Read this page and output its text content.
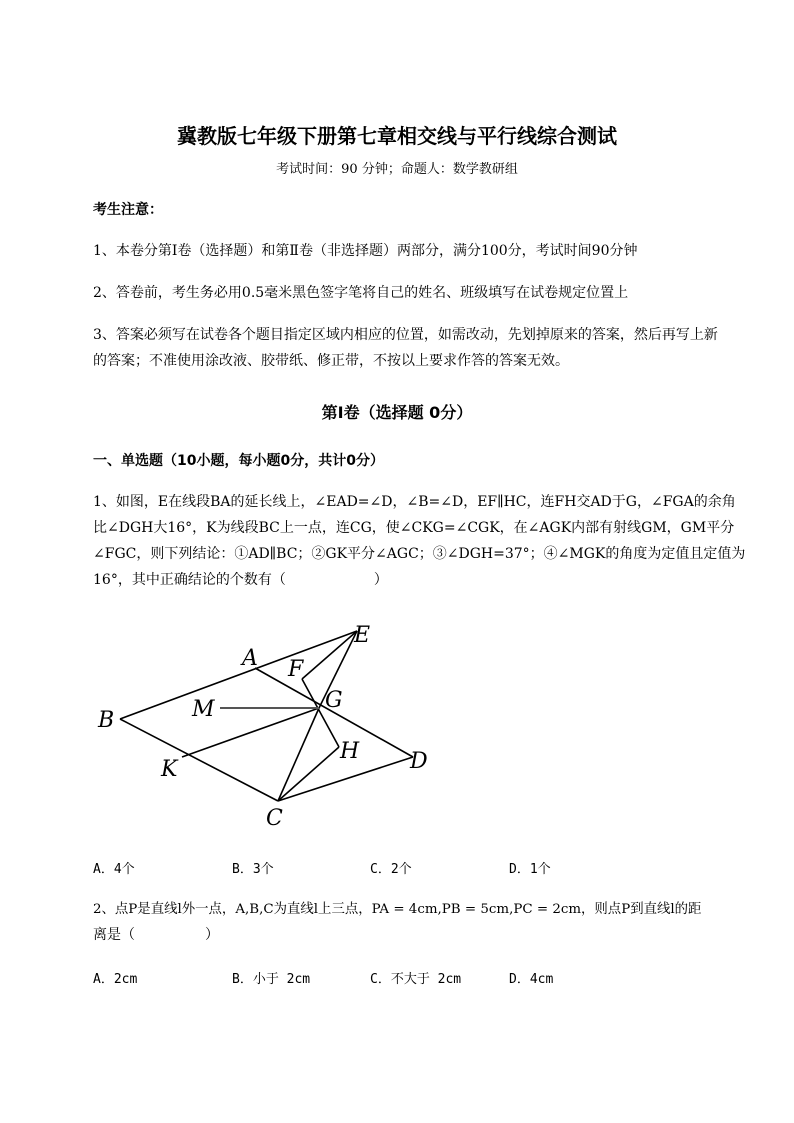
冀教版七年级下册第七章相交线与平行线综合测试
考试时间：90 分钟；命题人：数学教研组
考生注意：
1、本卷分第Ⅰ卷（选择题）和第Ⅱ卷（非选择题）两部分，满分100分，考试时间90分钟
2、答卷前，考生务必用0.5毫米黑色签字笔将自己的姓名、班级填写在试卷规定位置上
3、答案必须写在试卷各个题目指定区域内相应的位置，如需改动，先划掉原来的答案，然后再写上新
的答案；不准使用涂改液、胶带纸、修正带，不按以上要求作答的答案无效。
第Ⅰ卷（选择题 0分）
一、单选题（10小题，每小题0分，共计0分）
1、如图，E在线段BA的延长线上，∠EAD=∠D，∠B=∠D，EF∥HC，连FH交AD于G，∠FGA的余角
比∠DGH大16°，K为线段BC上一点，连CG，使∠CKG=∠CGK，在∠AGK内部有射线GM，GM平分
∠FGC，则下列结论：①AD∥BC；②GK平分∠AGC；③∠DGH=37°；④∠MGK的角度为定值且定值为
16°，其中正确结论的个数有（	）
A
B
C
D
E
F
G
H
K
M
A．4个	B．3个	C．2个	D．1个
2、点P是直线l外一点，A,B,C为直线l上三点，PA = 4cm,PB = 5cm,PC = 2cm，则点P到直线l的距
离是（	）
A．2cm	B．小于 2cm	C．不大于 2cm	D．4cm
